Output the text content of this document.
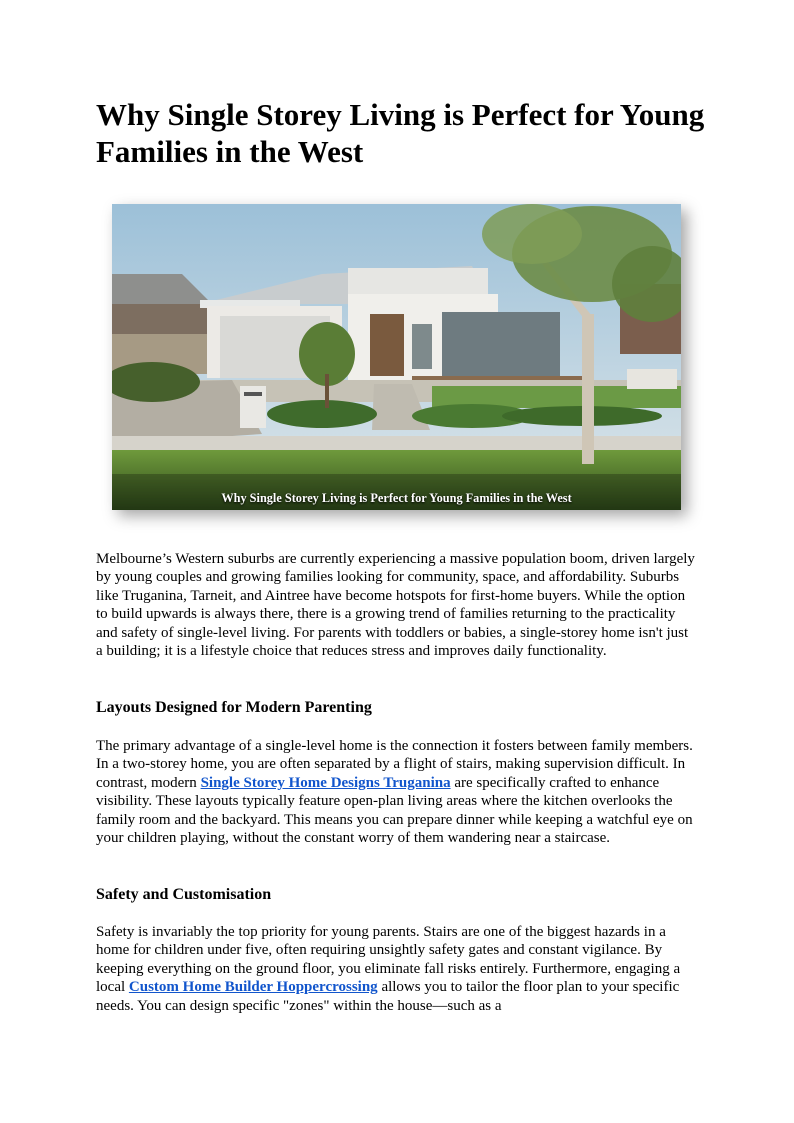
Why Single Storey Living is Perfect for Young Families in the West
Why Single Storey Living is Perfect for Young Families in the West

Melbourne’s Western suburbs are currently experiencing a massive population boom, driven largely by young couples and growing families looking for community, space, and affordability. Suburbs like Truganina, Tarneit, and Aintree have become hotspots for first-home buyers. While the option to build upwards is always there, there is a growing trend of families returning to the practicality and safety of single-level living. For parents with toddlers or babies, a single-storey home isn't just a building; it is a lifestyle choice that reduces stress and improves daily functionality.

Layouts Designed for Modern Parenting

The primary advantage of a single-level home is the connection it fosters between family members. In a two-storey home, you are often separated by a flight of stairs, making supervision difficult. In contrast, modern Single Storey Home Designs Truganina are specifically crafted to enhance visibility. These layouts typically feature open-plan living areas where the kitchen overlooks the family room and the backyard. This means you can prepare dinner while keeping a watchful eye on your children playing, without the constant worry of them wandering near a staircase.

Safety and Customisation

Safety is invariably the top priority for young parents. Stairs are one of the biggest hazards in a home for children under five, often requiring unsightly safety gates and constant vigilance. By keeping everything on the ground floor, you eliminate fall risks entirely. Furthermore, engaging a local Custom Home Builder Hoppercrossing allows you to tailor the floor plan to your specific needs. You can design specific "zones" within the house—such as a
